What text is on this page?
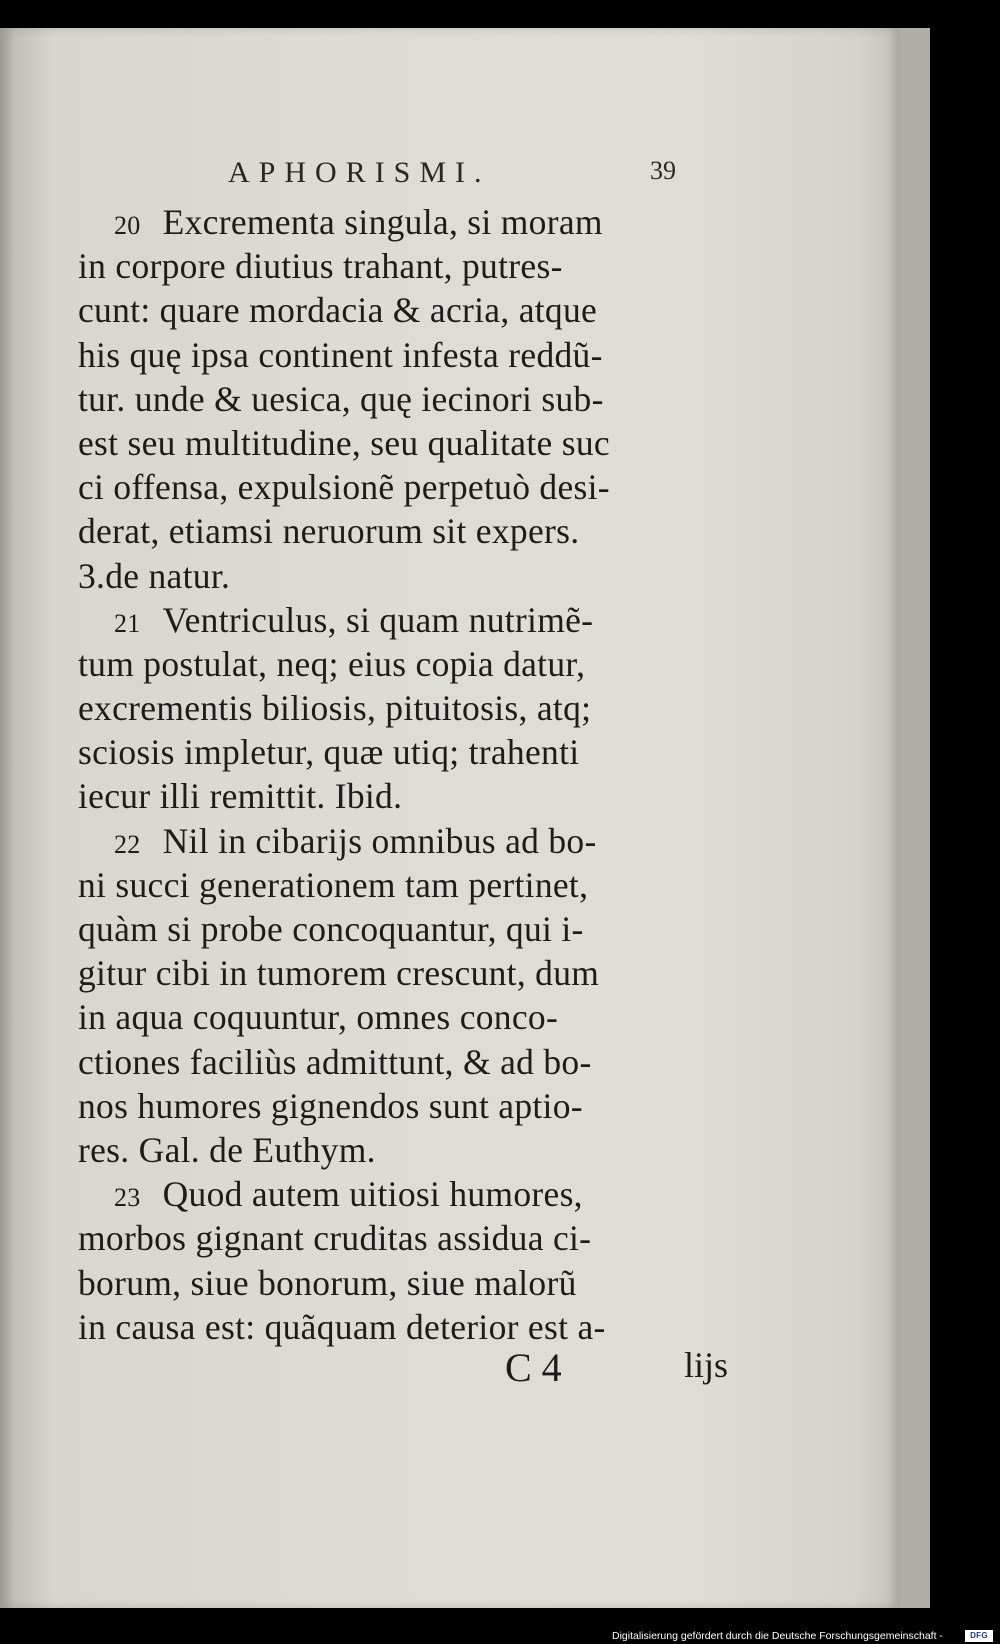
APHORISMI.	39
20 Excrementa singula, si moram
in corpore diutius trahant, putres-
cunt: quare mordacia & acria, atque
his quę ipsa continent infesta reddũ-
tur. unde & uesica, quę iecinori sub-
est seu multitudine, seu qualitate suc
ci offensa, expulsionẽ perpetuò desi-
derat, etiamsi neruorum sit expers.
3.de natur.
21 Ventriculus, si quam nutrimẽ-
tum postulat, neq; eius copia datur,
excrementis biliosis, pituitosis, atq;
sciosis impletur, quæ utiq; trahenti
iecur illi remittit. Ibid.
22 Nil in cibarijs omnibus ad bo-
ni succi generationem tam pertinet,
quàm si probe concoquantur, qui i-
gitur cibi in tumorem crescunt, dum
in aqua coquuntur, omnes conco-
ctiones faciliùs admittunt, & ad bo-
nos humores gignendos sunt aptio-
res. Gal. de Euthym.
23 Quod autem uitiosi humores,
morbos gignant cruditas assidua ci-
borum, siue bonorum, siue malorũ
in causa est: quãquam deterior est a-
C 4	lijs
Digitalisierung gefördert durch die Deutsche Forschungsgemeinschaft -	DFG
